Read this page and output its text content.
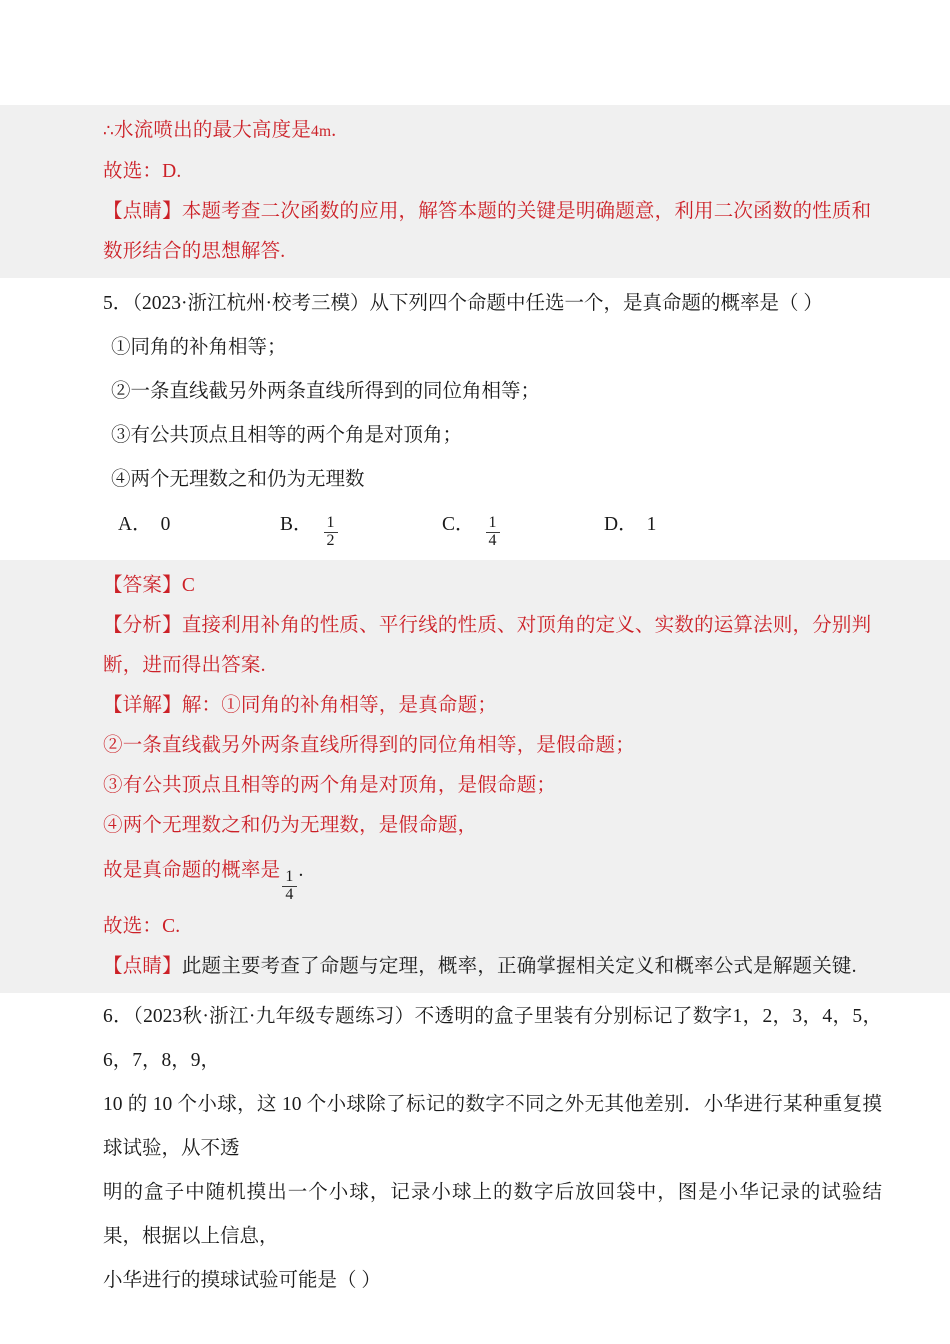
∴水流喷出的最大高度是4m.
故选：D.
【点睛】本题考查二次函数的应用，解答本题的关键是明确题意，利用二次函数的性质和数形结合的思想解答.
5．（2023·浙江杭州·校考三模）从下列四个命题中任选一个，是真命题的概率是（ ）
①同角的补角相等；
②一条直线截另外两条直线所得到的同位角相等；
③有公共顶点且相等的两个角是对顶角；
④两个无理数之和仍为无理数
A． 0	B． $\frac{1}{2}$	C． $\frac{1}{4}$	D． 1
【答案】C
【分析】直接利用补角的性质、平行线的性质、对顶角的定义、实数的运算法则，分别判断，进而得出答案.
【详解】解：①同角的补角相等，是真命题；
②一条直线截另外两条直线所得到的同位角相等，是假命题；
③有公共顶点且相等的两个角是对顶角，是假命题；
④两个无理数之和仍为无理数，是假命题，
故是真命题的概率是 $\frac{1}{4}$ .
故选：C.
【点睛】此题主要考查了命题与定理，概率，正确掌握相关定义和概率公式是解题关键.
6．（2023秋·浙江·九年级专题练习）不透明的盒子里装有分别标记了数字1，2，3，4，5，6，7，8，9，
10 的 10 个小球，这 10 个小球除了标记的数字不同之外无其他差别．小华进行某种重复摸球试验，从不透
明的盒子中随机摸出一个小球，记录小球上的数字后放回袋中，图是小华记录的试验结果，根据以上信息，
小华进行的摸球试验可能是（ ）
